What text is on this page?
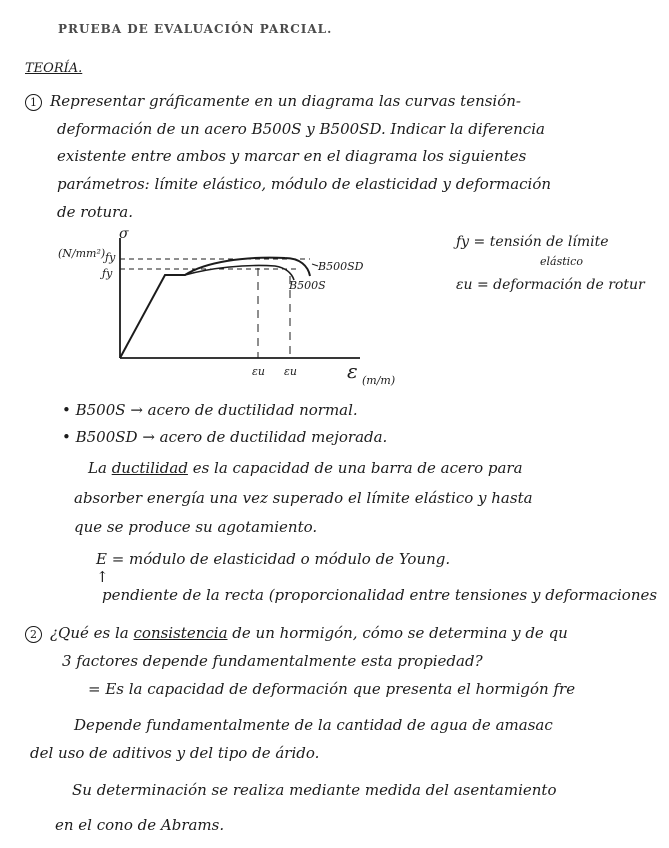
PRUEBA DE EVALUACIÓN PARCIAL.
TEORÍA.
1 Representar gráficamente en un diagrama las curvas tensión-
deformación de un acero B500S y B500SD. Indicar la diferencia
existente entre ambos y marcar en el diagrama los siguientes
parámetros: límite elástico, módulo de elasticidad y deformación
de rotura.
σ
(N/mm²) ƒy
ƒy
B500SD
B500S
εu εu	ε (m/m)
ƒy = tensión de límite
elástico
εu = deformación de rotur
• B500S → acero de ductilidad normal.
• B500SD → acero de ductilidad mejorada.
La ductilidad es la capacidad de una barra de acero para
absorber energía una vez superado el límite elástico y hasta
que se produce su agotamiento.
E = módulo de elasticidad o módulo de Young.
↑
pendiente de la recta (proporcionalidad entre tensiones y deformaciones
2 ¿Qué es la consistencia de un hormigón, cómo se determina y de qu
3 factores depende fundamentalmente esta propiedad?
= Es la capacidad de deformación que presenta el hormigón fre
Depende fundamentalmente de la cantidad de agua de amasac
del uso de aditivos y del tipo de árido.
Su determinación se realiza mediante medida del asentamiento
en el cono de Abrams.
